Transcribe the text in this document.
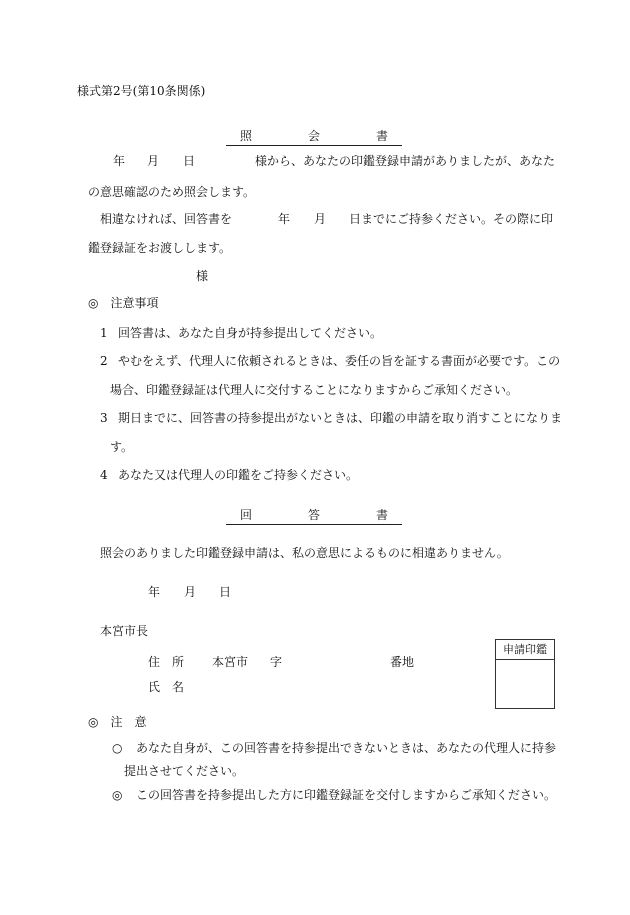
様式第2号(第10条関係)
照	会	書
年 月 日	様から、あなたの印鑑登録申請がありましたが、あなた
の意思確認のため照会します。
相違なければ、回答書を	年 月 日までにご持参ください。その際に印
鑑登録証をお渡しします。
様
◎　注意事項
1 回答書は、あなた自身が持参提出してください。
2 やむをえず、代理人に依頼されるときは、委任の旨を証する書面が必要です。この
場合、印鑑登録証は代理人に交付することになりますからご承知ください。
3 期日までに、回答書の持参提出がないときは、印鑑の申請を取り消すことになりま
す。
4 あなた又は代理人の印鑑をご持参ください。
回	答	書
照会のありました印鑑登録申請は、私の意思によるものに相違ありません。
年 月 日
本宮市長
住　所 本宮市 字	番地
氏　名
申請印鑑
◎　注　意
○ あなた自身が、この回答書を持参提出できないときは、あなたの代理人に持参
提出させてください。
◎ この回答書を持参提出した方に印鑑登録証を交付しますからご承知ください。
